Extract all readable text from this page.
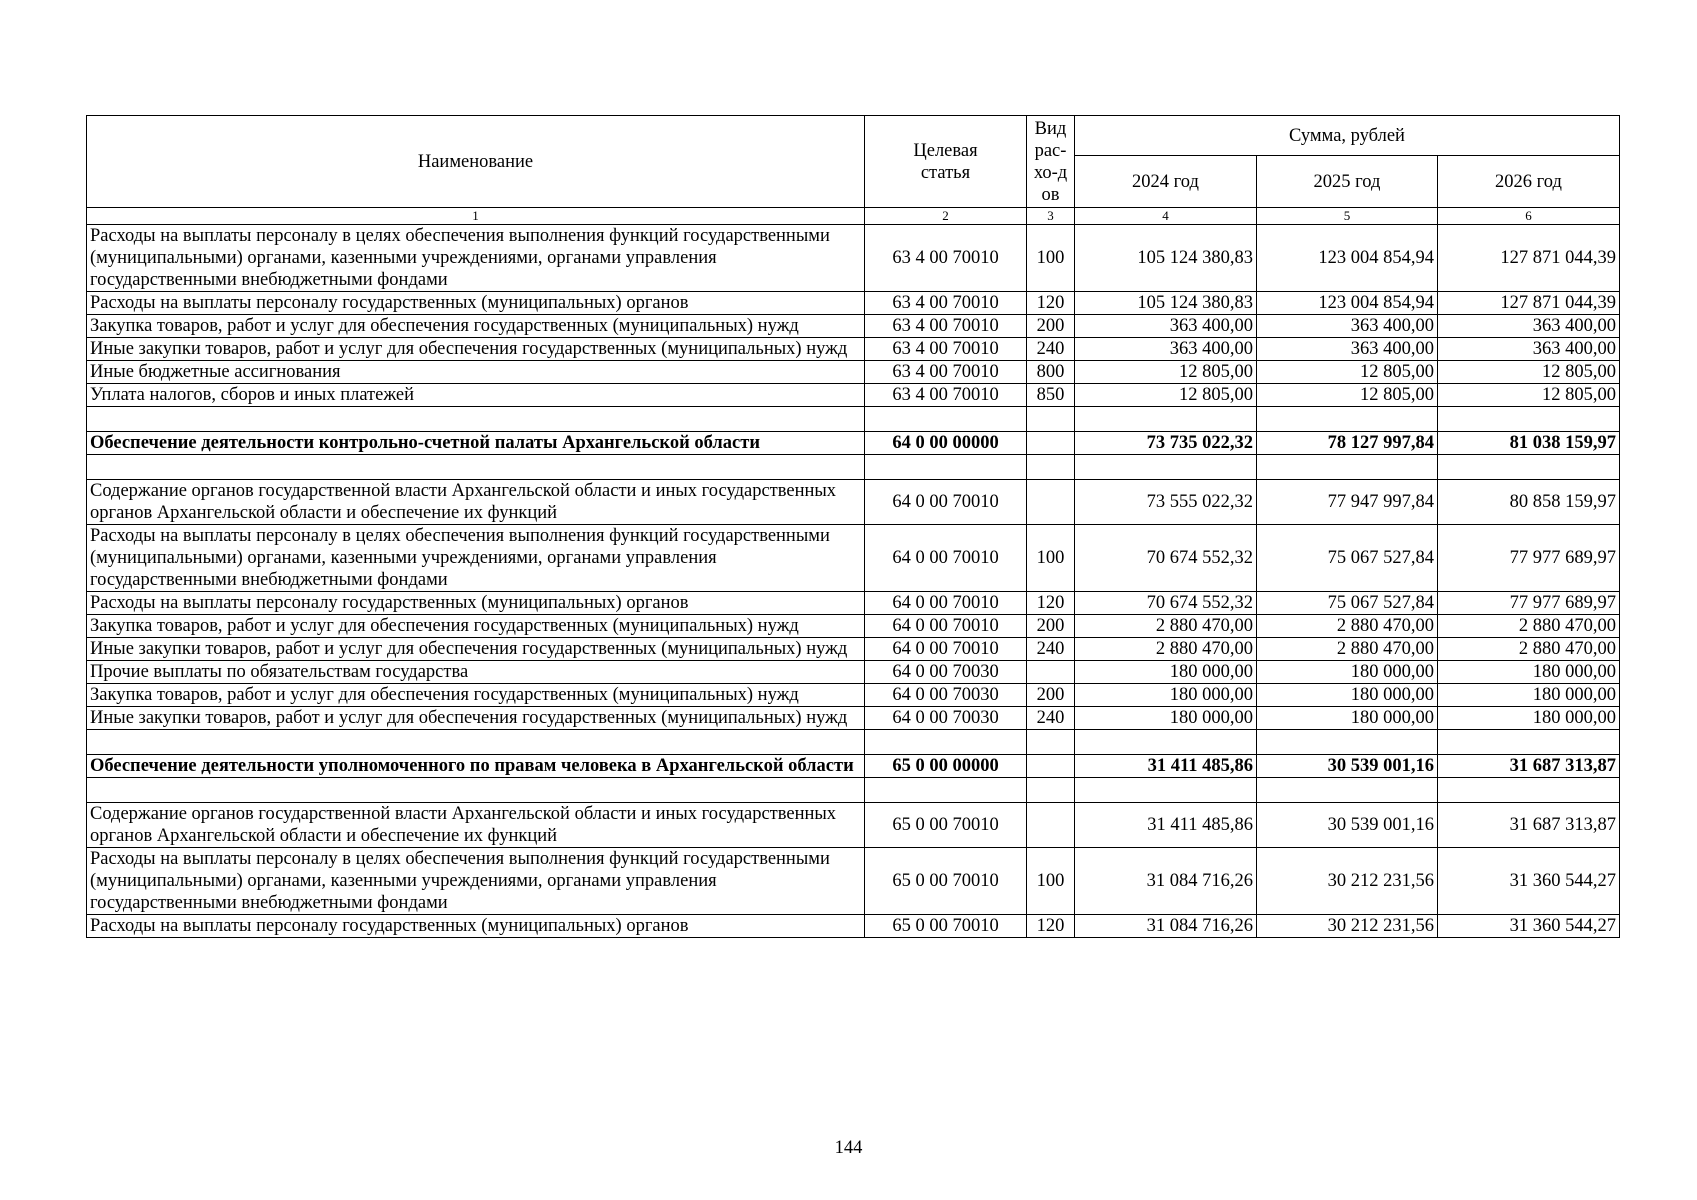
Наименование	Целевая статья	Вид рас-хо-дов	Сумма, рублей		
			2024 год	2025 год	2026 год
1	2	3	4	5	6
Расходы на выплаты персоналу в целях обеспечения выполнения функций государственными (муниципальными) органами, казенными учреждениями, органами управления государственными внебюджетными фондами	63 4 00 70010	100	105 124 380,83	123 004 854,94	127 871 044,39
Расходы на выплаты персоналу государственных (муниципальных) органов	63 4 00 70010	120	105 124 380,83	123 004 854,94	127 871 044,39
Закупка товаров, работ и услуг для обеспечения государственных (муниципальных) нужд	63 4 00 70010	200	363 400,00	363 400,00	363 400,00
Иные закупки товаров, работ и услуг для обеспечения государственных (муниципальных) нужд	63 4 00 70010	240	363 400,00	363 400,00	363 400,00
Иные бюджетные ассигнования	63 4 00 70010	800	12 805,00	12 805,00	12 805,00
Уплата налогов, сборов и иных платежей	63 4 00 70010	850	12 805,00	12 805,00	12 805,00

Обеспечение деятельности контрольно-счетной палаты Архангельской области	64 0 00 00000		73 735 022,32	78 127 997,84	81 038 159,97

Содержание органов государственной власти Архангельской области и иных государственных органов Архангельской области и обеспечение их функций	64 0 00 70010		73 555 022,32	77 947 997,84	80 858 159,97
Расходы на выплаты персоналу в целях обеспечения выполнения функций государственными (муниципальными) органами, казенными учреждениями, органами управления государственными внебюджетными фондами	64 0 00 70010	100	70 674 552,32	75 067 527,84	77 977 689,97
Расходы на выплаты персоналу государственных (муниципальных) органов	64 0 00 70010	120	70 674 552,32	75 067 527,84	77 977 689,97
Закупка товаров, работ и услуг для обеспечения государственных (муниципальных) нужд	64 0 00 70010	200	2 880 470,00	2 880 470,00	2 880 470,00
Иные закупки товаров, работ и услуг для обеспечения государственных (муниципальных) нужд	64 0 00 70010	240	2 880 470,00	2 880 470,00	2 880 470,00
Прочие выплаты по обязательствам государства	64 0 00 70030		180 000,00	180 000,00	180 000,00
Закупка товаров, работ и услуг для обеспечения государственных (муниципальных) нужд	64 0 00 70030	200	180 000,00	180 000,00	180 000,00
Иные закупки товаров, работ и услуг для обеспечения государственных (муниципальных) нужд	64 0 00 70030	240	180 000,00	180 000,00	180 000,00

Обеспечение деятельности уполномоченного по правам человека в Архангельской области	65 0 00 00000		31 411 485,86	30 539 001,16	31 687 313,87

Содержание органов государственной власти Архангельской области и иных государственных органов Архангельской области и обеспечение их функций	65 0 00 70010		31 411 485,86	30 539 001,16	31 687 313,87
Расходы на выплаты персоналу в целях обеспечения выполнения функций государственными (муниципальными) органами, казенными учреждениями, органами управления государственными внебюджетными фондами	65 0 00 70010	100	31 084 716,26	30 212 231,56	31 360 544,27
Расходы на выплаты персоналу государственных (муниципальных) органов	65 0 00 70010	120	31 084 716,26	30 212 231,56	31 360 544,27
144
